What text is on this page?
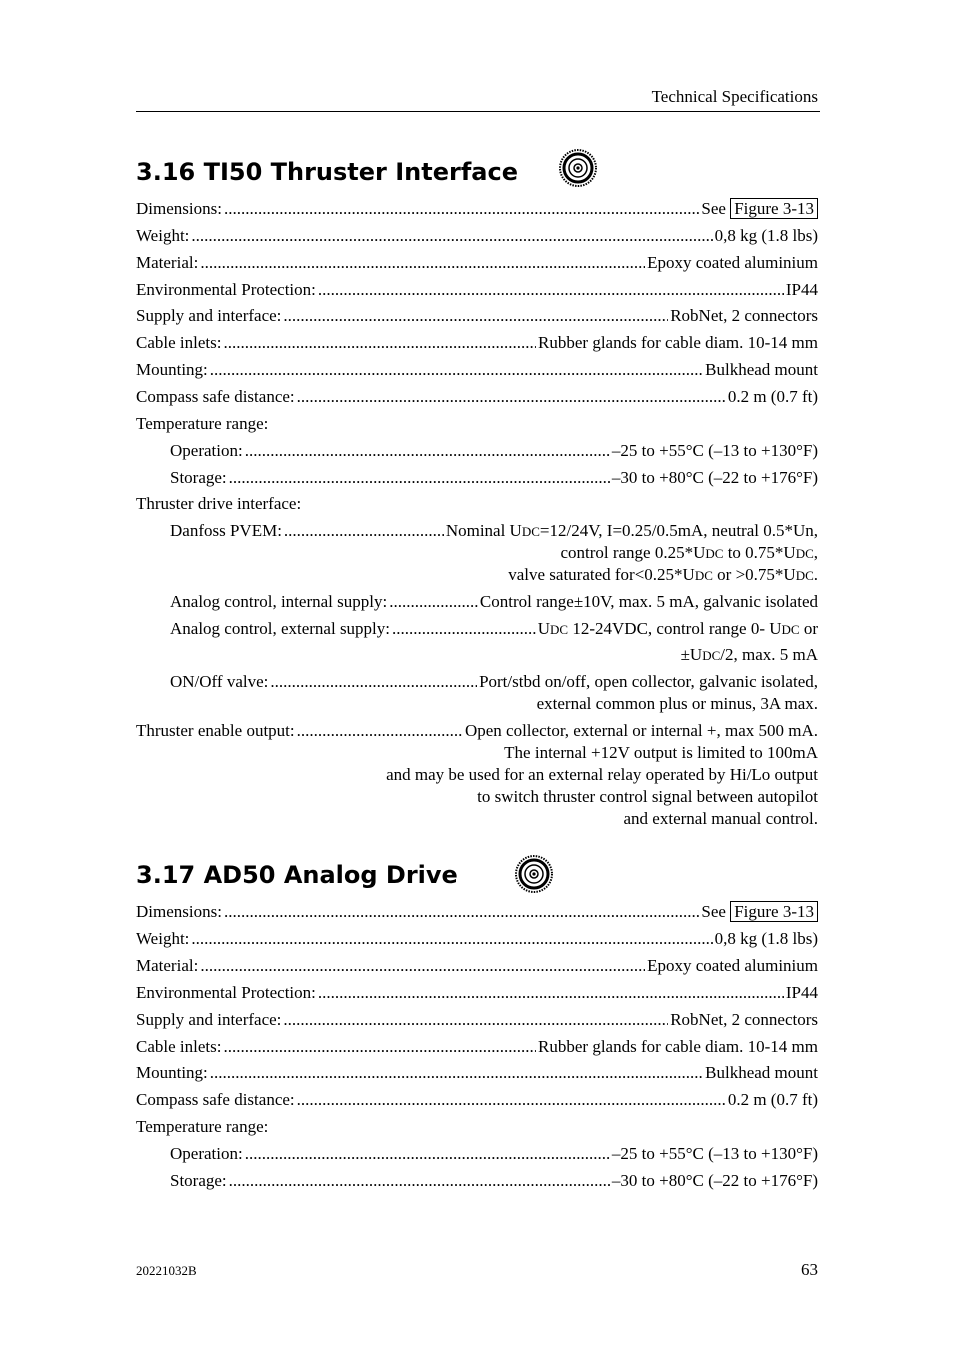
Technical Specifications
3.16 TI50 Thruster Interface
Dimensions: .....	See Figure 3-13
Weight: .....	0,8 kg (1.8 lbs)
Material: .....	Epoxy coated aluminium
Environmental Protection: .....	IP44
Supply and interface: .....	RobNet, 2 connectors
Cable inlets: .....	Rubber glands for cable diam. 10-14 mm
Mounting: .....	Bulkhead mount
Compass safe distance: .....	0.2 m (0.7 ft)
Temperature range:
Operation: .....	–25 to +55°C (–13 to +130°F)
Storage: .....	–30 to +80°C (–22 to +176°F)
Thruster drive interface:
Danfoss PVEM: .....	Nominal UDC=12/24V, I=0.25/0.5mA, neutral 0.5*Un,
control range 0.25*UDC to 0.75*UDC,
valve saturated for<0.25*UDC or >0.75*UDC.
Analog control, internal supply: .....	Control range±10V, max. 5 mA, galvanic isolated
Analog control, external supply: .....	UDC 12-24VDC, control range 0- UDC or
±UDC/2, max. 5 mA
ON/Off valve: .....	Port/stbd on/off, open collector, galvanic isolated,
external common plus or minus, 3A max.
Thruster enable output: .....	Open collector, external or internal +, max 500 mA.
The internal +12V output is limited to 100mA
and may be used for an external relay operated by Hi/Lo output
to switch thruster control signal between autopilot
and external manual control.
3.17 AD50 Analog Drive
Dimensions: .....	See Figure 3-13
Weight: .....	0,8 kg (1.8 lbs)
Material: .....	Epoxy coated aluminium
Environmental Protection: .....	IP44
Supply and interface: .....	RobNet, 2 connectors
Cable inlets: .....	Rubber glands for cable diam. 10-14 mm
Mounting: .....	Bulkhead mount
Compass safe distance: .....	0.2 m (0.7 ft)
Temperature range:
Operation: .....	–25 to +55°C (–13 to +130°F)
Storage: .....	–30 to +80°C (–22 to +176°F)
20221032B	63
